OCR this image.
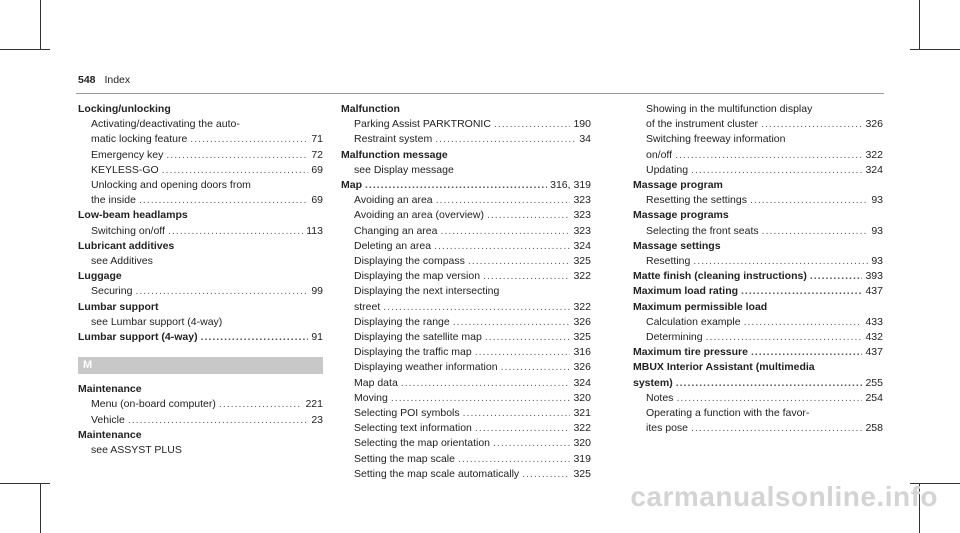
548 Index
Locking/unlocking
Activating/deactivating the auto-
matic locking feature .....	71
Emergency key .....	72
KEYLESS-GO .....	69
Unlocking and opening doors from
the inside .....	69
Low-beam headlamps
Switching on/off .....	113
Lubricant additives
see Additives
Luggage
Securing .....	99
Lumbar support
see Lumbar support (4-way)
Lumbar support (4-way) .....	91
M
Maintenance
Menu (on-board computer) .....	221
Vehicle .....	23
Maintenance
see ASSYST PLUS
Malfunction
Parking Assist PARKTRONIC .....	190
Restraint system .....	34
Malfunction message
see Display message
Map .....	316, 319
Avoiding an area .....	323
Avoiding an area (overview) .....	323
Changing an area .....	323
Deleting an area .....	324
Displaying the compass .....	325
Displaying the map version .....	322
Displaying the next intersecting
street .....	322
Displaying the range .....	326
Displaying the satellite map .....	325
Displaying the traffic map .....	316
Displaying weather information .....	326
Map data .....	324
Moving .....	320
Selecting POI symbols .....	321
Selecting text information .....	322
Selecting the map orientation .....	320
Setting the map scale .....	319
Setting the map scale automatically .....	325
Showing in the multifunction display
of the instrument cluster .....	326
Switching freeway information
on/off .....	322
Updating .....	324
Massage program
Resetting the settings .....	93
Massage programs
Selecting the front seats .....	93
Massage settings
Resetting .....	93
Matte finish (cleaning instructions) .....	393
Maximum load rating .....	437
Maximum permissible load
Calculation example .....	433
Determining .....	432
Maximum tire pressure .....	437
MBUX Interior Assistant (multimedia
system) .....	255
Notes .....	254
Operating a function with the favor-
ites pose .....	258
carmanualsonline.info
